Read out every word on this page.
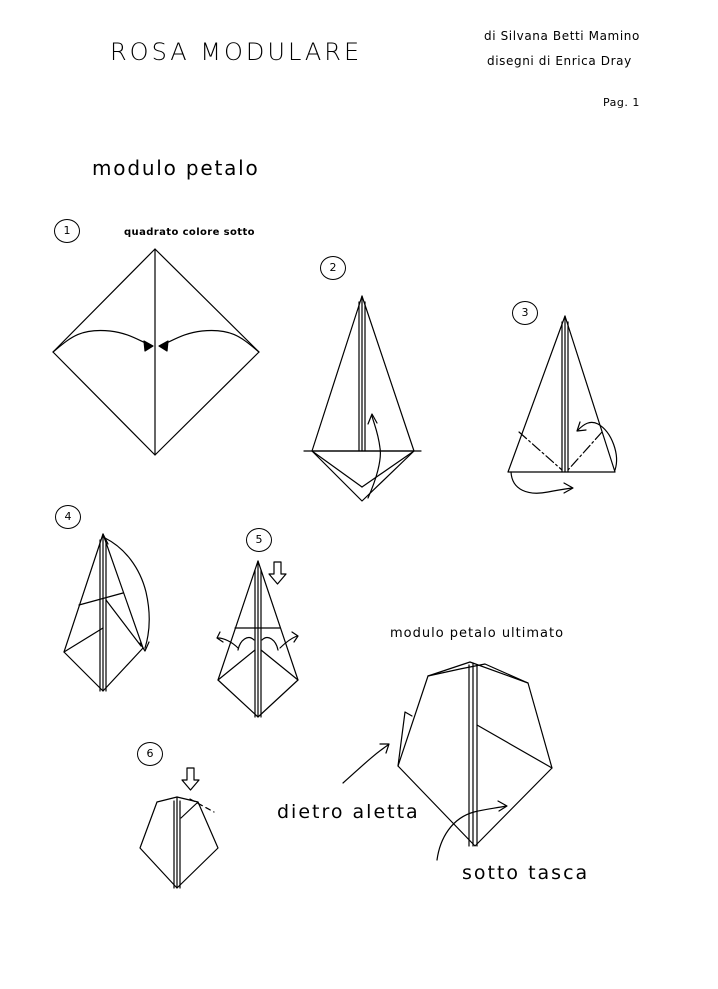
ROSA MODULARE
di Silvana Betti Mamino
disegni di Enrica Dray
Pag. 1
modulo petalo
quadrato colore sotto
modulo petalo ultimato
dietro aletta
sotto tasca
1
2
3
4
5
6
